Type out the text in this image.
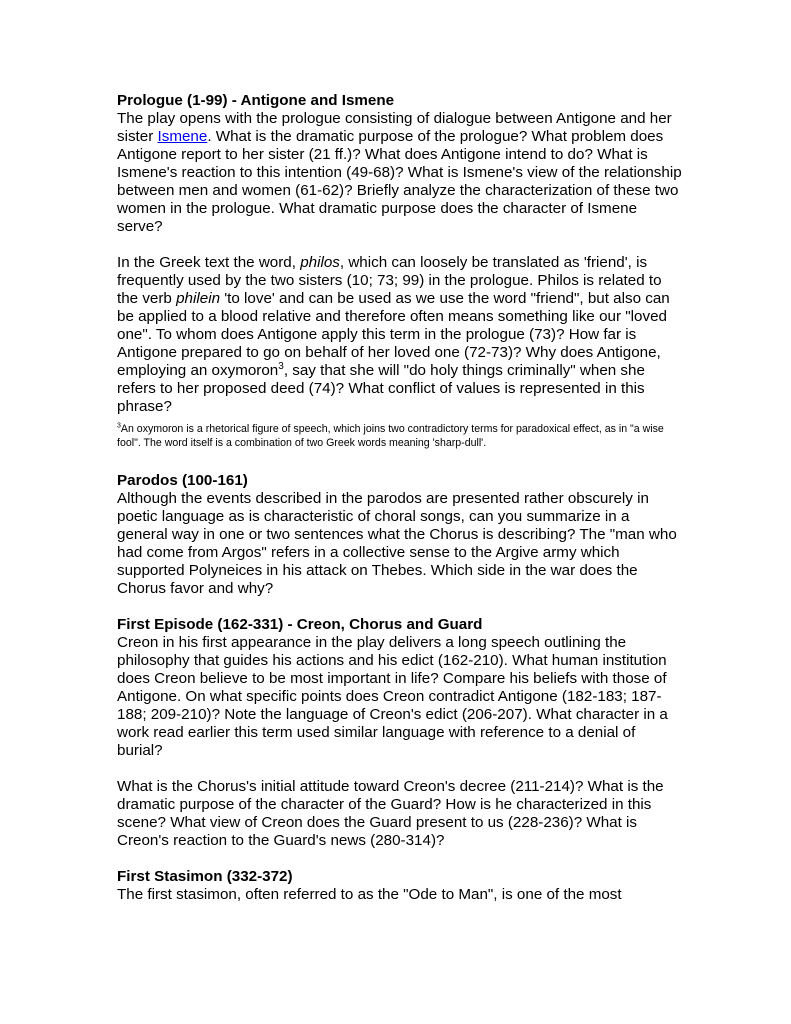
Prologue (1-99) - Antigone and Ismene

The play opens with the prologue consisting of dialogue between Antigone and her sister Ismene. What is the dramatic purpose of the prologue? What problem does Antigone report to her sister (21 ff.)? What does Antigone intend to do? What is Ismene's reaction to this intention (49-68)? What is Ismene's view of the relationship between men and women (61-62)? Briefly analyze the characterization of these two women in the prologue. What dramatic purpose does the character of Ismene serve?

In the Greek text the word, philos, which can loosely be translated as 'friend', is frequently used by the two sisters (10; 73; 99) in the prologue. Philos is related to the verb philein 'to love' and can be used as we use the word "friend", but also can be applied to a blood relative and therefore often means something like our "loved one". To whom does Antigone apply this term in the prologue (73)? How far is Antigone prepared to go on behalf of her loved one (72-73)? Why does Antigone, employing an oxymoron$^3$, say that she will "do holy things criminally" when she refers to her proposed deed (74)? What conflict of values is represented in this phrase?

$^3$An oxymoron is a rhetorical figure of speech, which joins two contradictory terms for paradoxical effect, as in "a wise fool". The word itself is a combination of two Greek words meaning 'sharp-dull'.

Parodos (100-161)

Although the events described in the parodos are presented rather obscurely in poetic language as is characteristic of choral songs, can you summarize in a general way in one or two sentences what the Chorus is describing? The "man who had come from Argos" refers in a collective sense to the Argive army which supported Polyneices in his attack on Thebes. Which side in the war does the Chorus favor and why?

First Episode (162-331) - Creon, Chorus and Guard

Creon in his first appearance in the play delivers a long speech outlining the philosophy that guides his actions and his edict (162-210). What human institution does Creon believe to be most important in life? Compare his beliefs with those of Antigone. On what specific points does Creon contradict Antigone (182-183; 187-188; 209-210)? Note the language of Creon's edict (206-207). What character in a work read earlier this term used similar language with reference to a denial of burial?

What is the Chorus's initial attitude toward Creon's decree (211-214)? What is the dramatic purpose of the character of the Guard? How is he characterized in this scene? What view of Creon does the Guard present to us (228-236)? What is Creon's reaction to the Guard's news (280-314)?

First Stasimon (332-372)

The first stasimon, often referred to as the "Ode to Man", is one of the most
